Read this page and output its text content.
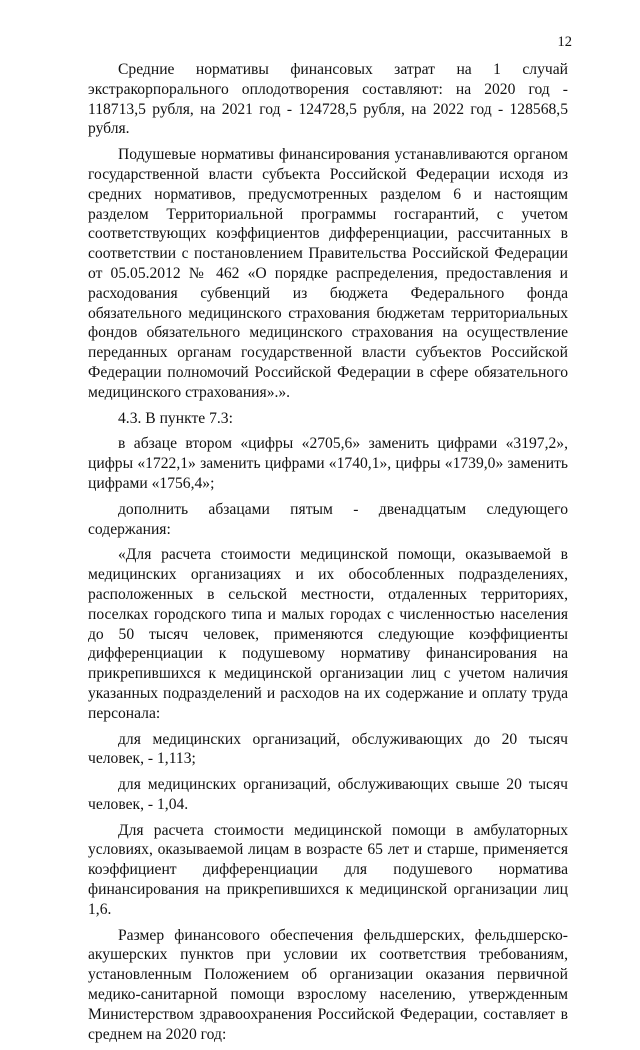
12

Средние нормативы финансовых затрат на 1 случай экстракорпорального оплодотворения составляют: на 2020 год - 118713,5 рубля, на 2021 год - 124728,5 рубля, на 2022 год - 128568,5 рубля.

Подушевые нормативы финансирования устанавливаются органом государственной власти субъекта Российской Федерации исходя из средних нормативов, предусмотренных разделом 6 и настоящим разделом Территориальной программы госгарантий, с учетом соответствующих коэффициентов дифференциации, рассчитанных в соответствии с постановлением Правительства Российской Федерации от 05.05.2012 № 462 «О порядке распределения, предоставления и расходования субвенций из бюджета Федерального фонда обязательного медицинского страхования бюджетам территориальных фондов обязательного медицинского страхования на осуществление переданных органам государственной власти субъектов Российской Федерации полномочий Российской Федерации в сфере обязательного медицинского страхования».».

4.3. В пункте 7.3:

в абзаце втором «цифры «2705,6» заменить цифрами «3197,2», цифры «1722,1» заменить цифрами «1740,1», цифры «1739,0» заменить цифрами «1756,4»;

дополнить абзацами пятым - двенадцатым следующего содержания:

«Для расчета стоимости медицинской помощи, оказываемой в медицинских организациях и их обособленных подразделениях, расположенных в сельской местности, отдаленных территориях, поселках городского типа и малых городах с численностью населения до 50 тысяч человек, применяются следующие коэффициенты дифференциации к подушевому нормативу финансирования на прикрепившихся к медицинской организации лиц с учетом наличия указанных подразделений и расходов на их содержание и оплату труда персонала:

для медицинских организаций, обслуживающих до 20 тысяч человек, - 1,113;

для медицинских организаций, обслуживающих свыше 20 тысяч человек, - 1,04.

Для расчета стоимости медицинской помощи в амбулаторных условиях, оказываемой лицам в возрасте 65 лет и старше, применяется коэффициент дифференциации для подушевого норматива финансирования на прикрепившихся к медицинской организации лиц 1,6.

Размер финансового обеспечения фельдшерских, фельдшерско-акушерских пунктов при условии их соответствия требованиям, установленным Положением об организации оказания первичной медико-санитарной помощи взрослому населению, утвержденным Министерством здравоохранения Российской Федерации, составляет в среднем на 2020 год:
